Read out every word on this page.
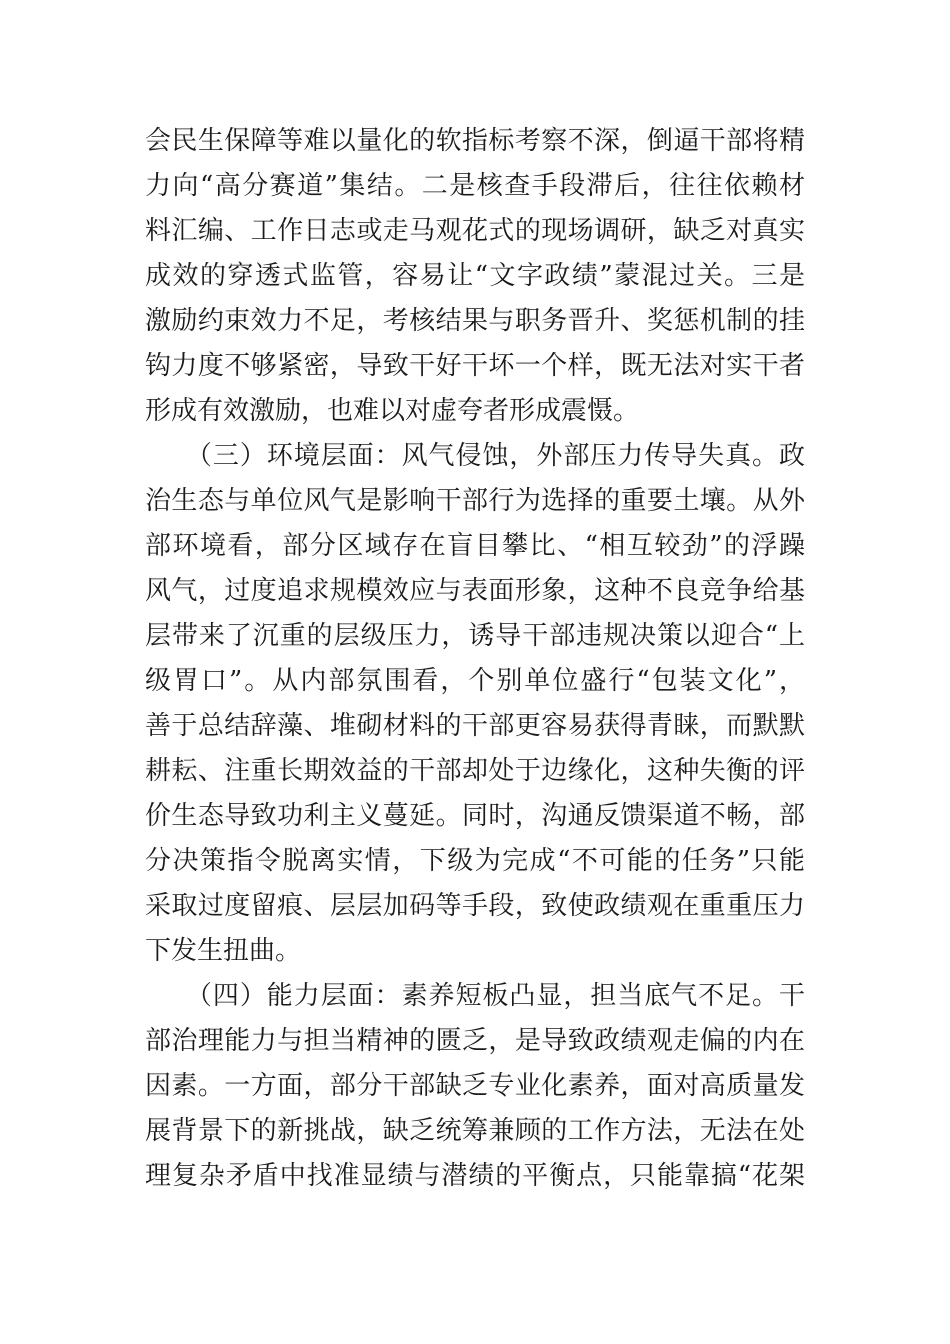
会民生保障等难以量化的软指标考察不深，倒逼干部将精
力向“高分赛道”集结。二是核查手段滞后，往往依赖材
料汇编、工作日志或走马观花式的现场调研，缺乏对真实
成效的穿透式监管，容易让“文字政绩”蒙混过关。三是
激励约束效力不足，考核结果与职务晋升、奖惩机制的挂
钩力度不够紧密，导致干好干坏一个样，既无法对实干者
形成有效激励，也难以对虚夸者形成震慑。
　　（三）环境层面：风气侵蚀，外部压力传导失真。政
治生态与单位风气是影响干部行为选择的重要土壤。从外
部环境看，部分区域存在盲目攀比、“相互较劲”的浮躁
风气，过度追求规模效应与表面形象，这种不良竞争给基
层带来了沉重的层级压力，诱导干部违规决策以迎合“上
级胃口”。从内部氛围看，个别单位盛行“包装文化”，
善于总结辞藻、堆砌材料的干部更容易获得青睐，而默默
耕耘、注重长期效益的干部却处于边缘化，这种失衡的评
价生态导致功利主义蔓延。同时，沟通反馈渠道不畅，部
分决策指令脱离实情，下级为完成“不可能的任务”只能
采取过度留痕、层层加码等手段，致使政绩观在重重压力
下发生扭曲。
　　（四）能力层面：素养短板凸显，担当底气不足。干
部治理能力与担当精神的匮乏，是导致政绩观走偏的内在
因素。一方面，部分干部缺乏专业化素养，面对高质量发
展背景下的新挑战，缺乏统筹兼顾的工作方法，无法在处
理复杂矛盾中找准显绩与潜绩的平衡点，只能靠搞“花架
